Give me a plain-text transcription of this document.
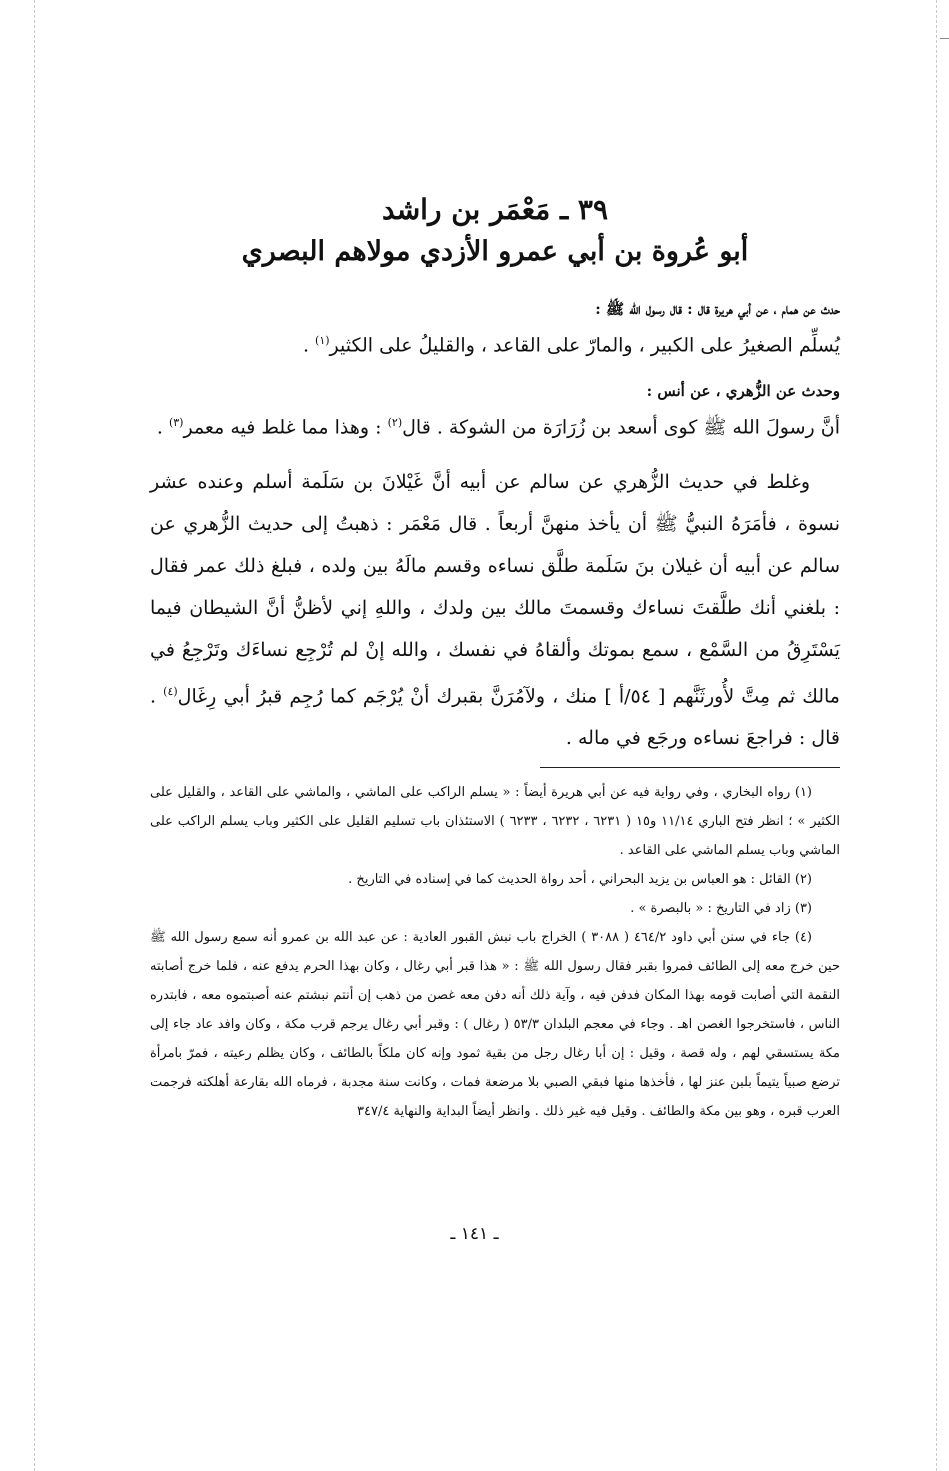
٣٩ ـ مَعْمَر بن راشد
أبو عُروة بن أبي عمرو الأزدي مولاهم البصري

حدث عن همام ، عن أبي هريرة قال : قال رسول الله ﷺ :

يُسلِّم الصغيرُ على الكبير ، والمارّ على القاعد ، والقليلُ على الكثير$^{(١)}$ .

وحدث عن الزُّهري ، عن أنس :

أنَّ رسولَ الله ﷺ كوى أسعد بن زُرَارَة من الشوكة . قال$^{(٢)}$ : وهذا مما غلط فيه معمر$^{(٣)}$ .

وغلط في حديث الزُّهري عن سالم عن أبيه أنَّ غَيْلانَ بن سَلَمة أسلم وعنده عشر نسوة ، فأمَرَهُ النبيُّ ﷺ أن يأخذ منهنَّ أربعاً . قال مَعْمَر : ذهبتُ إلى حديث الزُّهري عن سالم عن أبيه أن غيلان بنَ سَلَمة طلَّق نساءه وقسم مالَهُ بين ولده ، فبلغ ذلك عمر فقال : بلغني أنك طلَّقتَ نساءك وقسمتَ مالك بين ولدك ، واللهِ إني لأظنُّ أنَّ الشيطان فيما يَسْتَرِقُ من السَّمْع ، سمع بموتك وألقاهُ في نفسك ، والله إنْ لم تُرْجِع نساءَك وتَرْجِعُ في مالك ثم مِتَّ لأُورثَنَّهم [ ٥٤/أ ] منك ، ولآمُرَنَّ بقبرك أنْ يُرْجَم كما رُجِم قبرُ أبي رِغَال$^{(٤)}$ . قال : فراجعَ نساءه ورجَع في ماله .

(١) رواه البخاري ، وفي رواية فيه عن أبي هريرة أيضاً : « يسلم الراكب على الماشي ، والماشي على القاعد ، والقليل على الكثير » ؛ انظر فتح الباري ١١/١٤ و١٥ ( ٦٢٣١ ، ٦٢٣٢ ، ٦٢٣٣ ) الاستئذان باب تسليم القليل على الكثير وباب يسلم الراكب على الماشي وباب يسلم الماشي على القاعد .

(٢) القائل : هو العباس بن يزيد البحراني ، أحد رواة الحديث كما في إسناده في التاريخ .

(٣) زاد في التاريخ : « بالبصرة » .

(٤) جاء في سنن أبي داود ٤٦٤/٢ ( ٣٠٨٨ ) الخراج باب نبش القبور العادية : عن عبد الله بن عمرو أنه سمع رسول الله ﷺ حين خرج معه إلى الطائف فمروا بقبر فقال رسول الله ﷺ : « هذا قبر أبي رغال ، وكان بهذا الحرم يدفع عنه ، فلما خرج أصابته النقمة التي أصابت قومه بهذا المكان فدفن فيه ، وآية ذلك أنه دفن معه غصن من ذهب إن أنتم نبشتم عنه أصبتموه معه ، فابتدره الناس ، فاستخرجوا الغصن اهـ . وجاء في معجم البلدان ٥٣/٣ ( رغال ) : وقبر أبي رغال يرجم قرب مكة ، وكان وافد عاد جاء إلى مكة يستسقي لهم ، وله قصة ، وقيل : إن أبا رغال رجل من بقية ثمود وإنه كان ملكاً بالطائف ، وكان يظلم رعيته ، فمرّ بامرأة ترضع صبياً يتيماً بلبن عنز لها ، فأخذها منها فبقي الصبي بلا مرضعة فمات ، وكانت سنة مجدبة ، فرماه الله بقارعة أهلكته فرجمت العرب قبره ، وهو بين مكة والطائف . وقيل فيه غير ذلك . وانظر أيضاً البداية والنهاية ٣٤٧/٤

ـ ١٤١ ـ
